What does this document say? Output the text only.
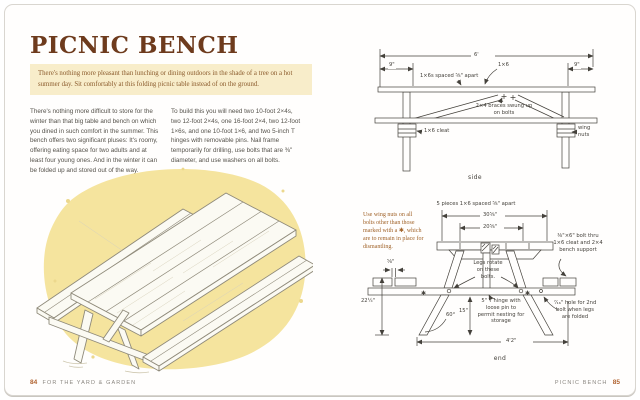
PICNIC BENCH
There's nothing more pleasant than lunching or dining outdoors in the shade of a tree on a hot summer day. Sit comfortably at this folding picnic table instead of on the ground.
There's nothing more difficult to store for the winter than that big table and bench on which you dined in such comfort in the summer. This bench offers two significant pluses: It's roomy, offering eating space for two adults and at least four young ones. And in the winter it can be folded up and stored out of the way.
To build this you will need two 10-foot 2×4s, two 12-foot 2×4s, one 16-foot 2×4, two 12-foot 1×6s, and one 10-foot 1×6, and two 5-inch T hinges with removable pins. Nail frame temporarily for drilling, use bolts that are ⅜" diameter, and use washers on all bolts.
84 FOR THE YARD & GARDEN
✱	✱
6'
9"	9"
1×6s spaced ⅝" apart
1×6
2×4 braces swung up on bolts
1×6 cleat	wing nuts
side
Use wing nuts on all bolts other than those marked with a ✱, which are to remain in place for dismantling.
5 pieces 1×6 spaced ⅝" apart
30⅝"
20⅝"
⅝"
22¼"
60°
15"
4'2"
Legs rotate on these bolts.
⅜"×6" bolt thru 1×6 cleat and 2×4 bench support
5" T hinge with loose pin to permit nesting for storage
⁷⁄₁₆" hole for 2nd bolt when legs are folded
end
PICNIC BENCH 85
